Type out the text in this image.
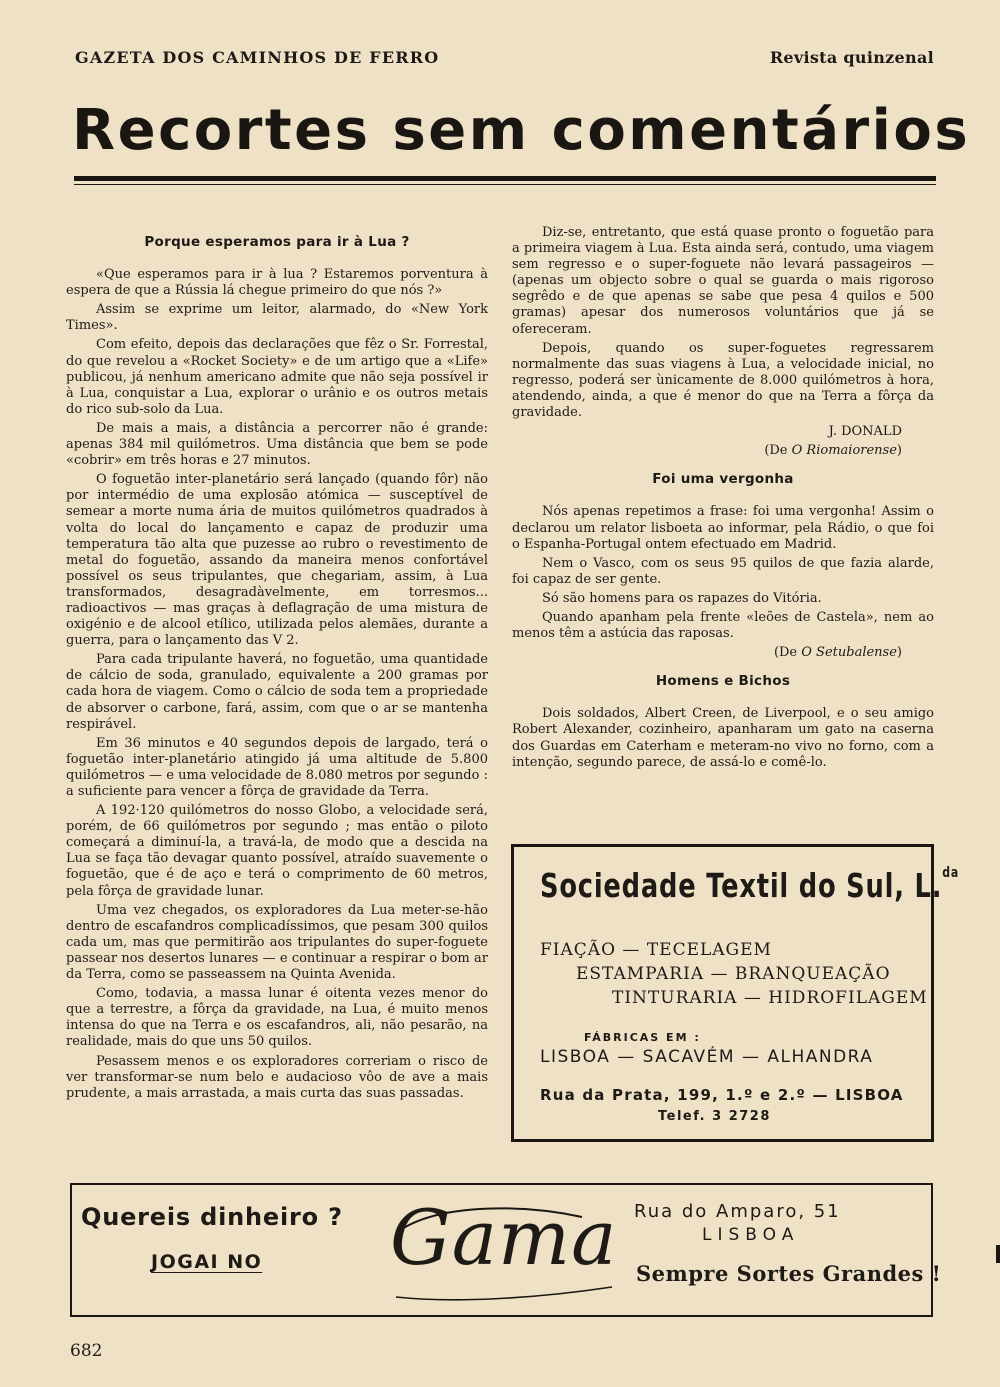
GAZETA DOS CAMINHOS DE FERRO	Revista quinzenal
Recortes sem comentários
Porque esperamos para ir à Lua ?

«Que esperamos para ir à lua ? Estaremos porventura à espera de que a Rússia lá chegue primeiro do que nós ?»

Assim se exprime um leitor, alarmado, do «New York Times».

Com efeito, depois das declarações que fêz o Sr. Forrestal, do que revelou a «Rocket Society» e de um artigo que a «Life» publicou, já nenhum americano admite que não seja possível ir à Lua, conquistar a Lua, explorar o urânio e os outros metais do rico sub-solo da Lua.

De mais a mais, a distância a percorrer não é grande: apenas 384 mil quilómetros. Uma distância que bem se pode «cobrir» em três horas e 27 minutos.

O foguetão inter-planetário será lançado (quando fôr) não por intermédio de uma explosão atómica — susceptível de semear a morte numa ária de muitos quilómetros quadrados à volta do local do lançamento e capaz de produzir uma temperatura tão alta que puzesse ao rubro o revestimento de metal do foguetão, assando da maneira menos confortável possível os seus tripulantes, que chegariam, assim, à Lua transformados, desagradàvelmente, em torresmos... radioactivos — mas graças à deflagração de uma mistura de oxigénio e de alcool etílico, utilizada pelos alemães, durante a guerra, para o lançamento das V 2.

Para cada tripulante haverá, no foguetão, uma quantidade de cálcio de soda, granulado, equivalente a 200 gramas por cada hora de viagem. Como o cálcio de soda tem a propriedade de absorver o carbone, fará, assim, com que o ar se mantenha respirável.

Em 36 minutos e 40 segundos depois de largado, terá o foguetão inter-planetário atingido já uma altitude de 5.800 quilómetros — e uma velocidade de 8.080 metros por segundo : a suficiente para vencer a fôrça de gravidade da Terra.

A 192·120 quilómetros do nosso Globo, a velocidade será, porém, de 66 quilómetros por segundo ; mas então o piloto começará a diminuí-la, a travá-la, de modo que a descida na Lua se faça tão devagar quanto possível, atraído suavemente o foguetão, que é de aço e terá o comprimento de 60 metros, pela fôrça de gravidade lunar.

Uma vez chegados, os exploradores da Lua meter-se-hão dentro de escafandros complicadíssimos, que pesam 300 quilos cada um, mas que permitirão aos tripulantes do super-foguete passear nos desertos lunares — e continuar a respirar o bom ar da Terra, como se passeassem na Quinta Avenida.

Como, todavia, a massa lunar é oitenta vezes menor do que a terrestre, a fôrça da gravidade, na Lua, é muito menos intensa do que na Terra e os escafandros, ali, não pesarão, na realidade, mais do que uns 50 quilos.

Pesassem menos e os exploradores correriam o risco de ver transformar-se num belo e audacioso vôo de ave a mais prudente, a mais arrastada, a mais curta das suas passadas.

Diz-se, entretanto, que está quase pronto o foguetão para a primeira viagem à Lua. Esta ainda será, contudo, uma viagem sem regresso e o super-foguete não levará passageiros — (apenas um objecto sobre o qual se guarda o mais rigoroso segrêdo e de que apenas se sabe que pesa 4 quilos e 500 gramas) apesar dos numerosos voluntários que já se ofereceram.

Depois, quando os super-foguetes regressarem normalmente das suas viagens à Lua, a velocidade inicial, no regresso, poderá ser ùnicamente de 8.000 quilómetros à hora, atendendo, ainda, a que é menor do que na Terra a fôrça da gravidade.

J. DONALD

(De O Riomaiorense)

Foi uma vergonha

Nós apenas repetimos a frase: foi uma vergonha! Assim o declarou um relator lisboeta ao informar, pela Rádio, o que foi o Espanha-Portugal ontem efectuado em Madrid.

Nem o Vasco, com os seus 95 quilos de que fazia alarde, foi capaz de ser gente.

Só são homens para os rapazes do Vitória.

Quando apanham pela frente «leões de Castela», nem ao menos têm a astúcia das raposas.

(De O Setubalense)

Homens e Bichos

Dois soldados, Albert Creen, de Liverpool, e o seu amigo Robert Alexander, cozinheiro, apanharam um gato na caserna dos Guardas em Caterham e meteram-no vivo no forno, com a intenção, segundo parece, de assá-lo e comê-lo.

Sociedade Textil do Sul, L.$^{da}$
FIAÇÃO — TECELAGEM
ESTAMPARIA — BRANQUEAÇÃO
TINTURARIA — HIDROFILAGEM
FÁBRICAS EM :
LISBOA — SACAVÉM — ALHANDRA
Rua da Prata, 199, 1.º e 2.º — LISBOA
Telef. 3 2728
Quereis dinheiro ?
JOGAI NO Gama Rua do Amparo, 51
LISBOA
Sempre Sortes Grandes !
682
